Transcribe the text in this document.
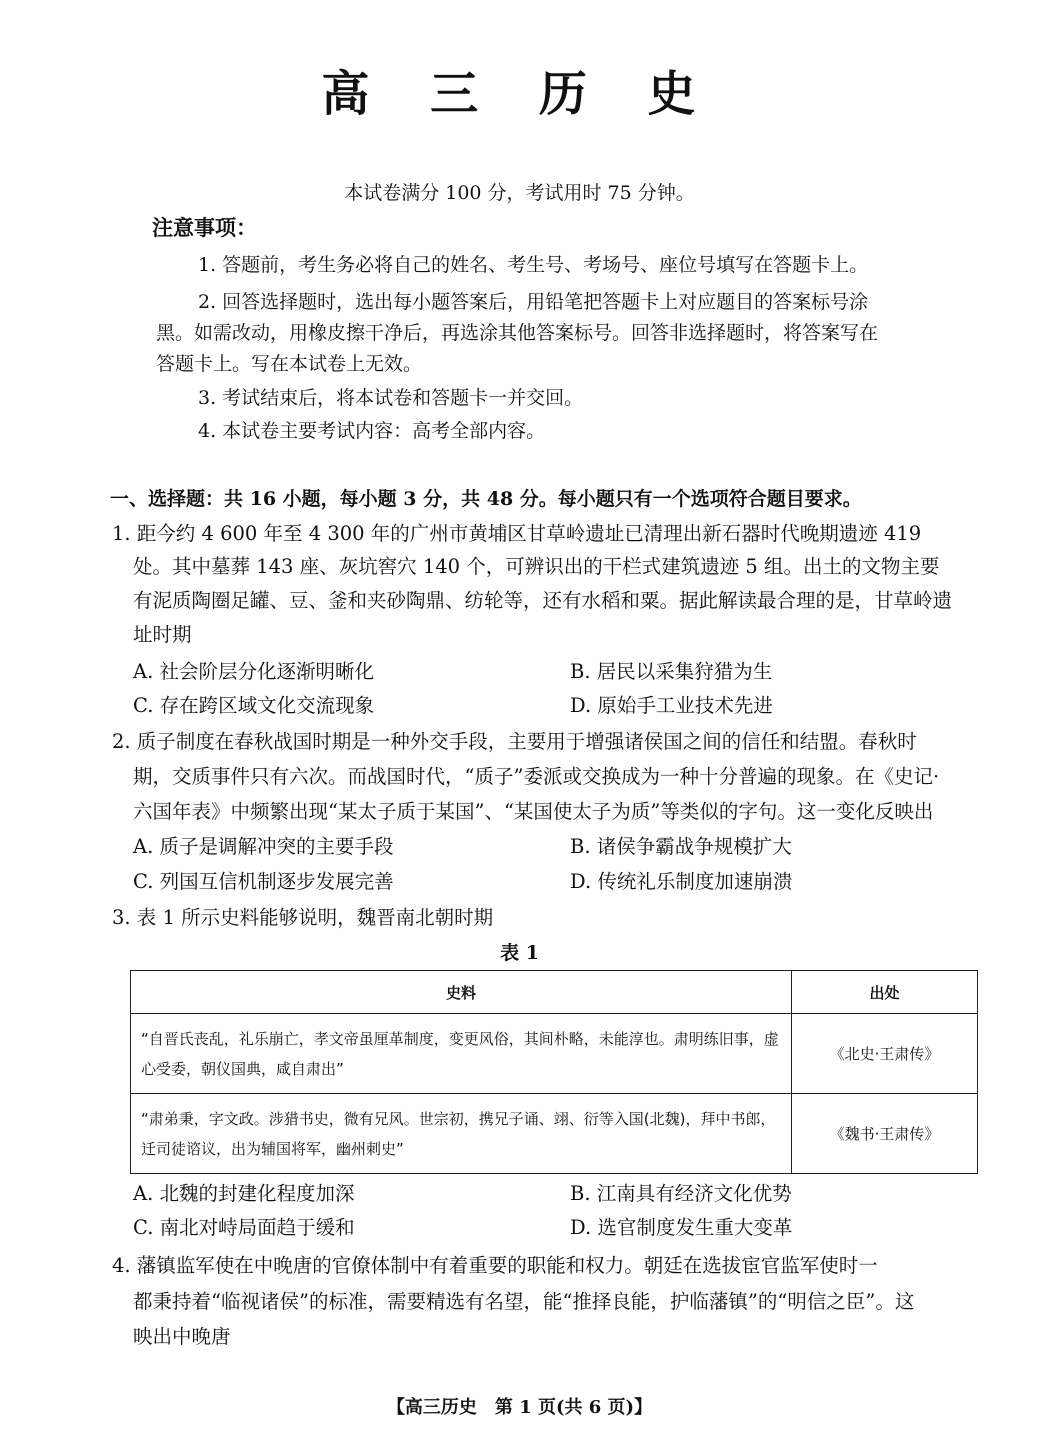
高 三 历 史
本试卷满分 100 分，考试用时 75 分钟。
注意事项：
1. 答题前，考生务必将自己的姓名、考生号、考场号、座位号填写在答题卡上。
2. 回答选择题时，选出每小题答案后，用铅笔把答题卡上对应题目的答案标号涂
黑。如需改动，用橡皮擦干净后，再选涂其他答案标号。回答非选择题时，将答案写在
答题卡上。写在本试卷上无效。
3. 考试结束后，将本试卷和答题卡一并交回。
4. 本试卷主要考试内容：高考全部内容。
一、选择题：共 16 小题，每小题 3 分，共 48 分。每小题只有一个选项符合题目要求。
1. 距今约 4 600 年至 4 300 年的广州市黄埔区甘草岭遗址已清理出新石器时代晚期遗迹 419
处。其中墓葬 143 座、灰坑窖穴 140 个，可辨识出的干栏式建筑遗迹 5 组。出土的文物主要
有泥质陶圈足罐、豆、釜和夹砂陶鼎、纺轮等，还有水稻和粟。据此解读最合理的是，甘草岭遗
址时期
A. 社会阶层分化逐渐明晰化	B. 居民以采集狩猎为生
C. 存在跨区域文化交流现象	D. 原始手工业技术先进
2. 质子制度在春秋战国时期是一种外交手段，主要用于增强诸侯国之间的信任和结盟。春秋时
期，交质事件只有六次。而战国时代，“质子”委派或交换成为一种十分普遍的现象。在《史记·
六国年表》中频繁出现“某太子质于某国”、“某国使太子为质”等类似的字句。这一变化反映出
A. 质子是调解冲突的主要手段	B. 诸侯争霸战争规模扩大
C. 列国互信机制逐步发展完善	D. 传统礼乐制度加速崩溃
3. 表 1 所示史料能够说明，魏晋南北朝时期
表 1
史料	出处
“自晋氏丧乱，礼乐崩亡，孝文帝虽厘革制度，变更风俗，其间朴略，未能淳也。肃明练旧事，虚心受委，朝仪国典，咸自肃出”	《北史·王肃传》
“肃弟秉，字文政。涉猎书史，微有兄风。世宗初，携兄子诵、翊、衍等入国(北魏)，拜中书郎，迁司徒谘议，出为辅国将军，幽州刺史”	《魏书·王肃传》
A. 北魏的封建化程度加深	B. 江南具有经济文化优势
C. 南北对峙局面趋于缓和	D. 选官制度发生重大变革
4. 藩镇监军使在中晚唐的官僚体制中有着重要的职能和权力。朝廷在选拔宦官监军使时一
都秉持着“临视诸侯”的标准，需要精选有名望，能“推择良能，护临藩镇”的“明信之臣”。这
映出中晚唐
【高三历史　第 1 页(共 6 页)】
